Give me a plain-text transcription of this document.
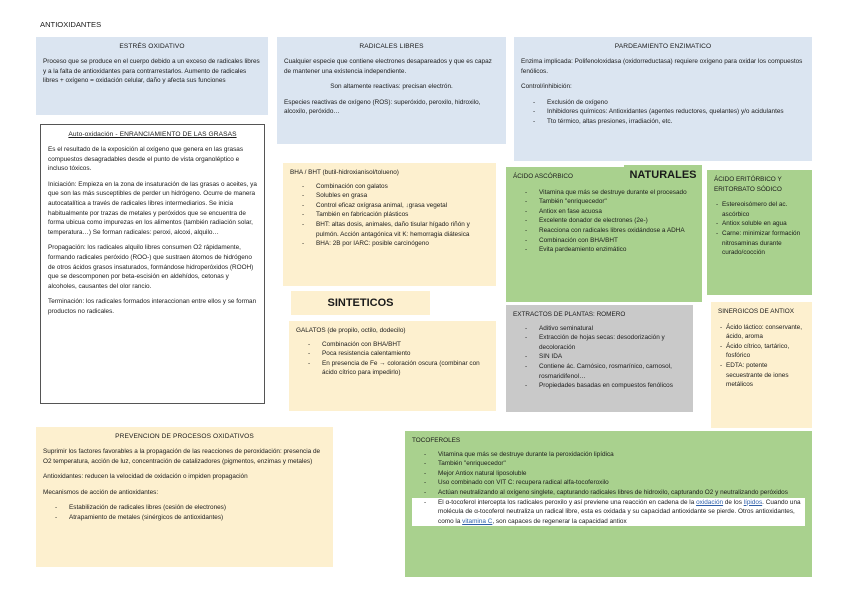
ANTIOXIDANTES
ESTRÉS OXIDATIVO

Proceso que se produce en el cuerpo debido a un exceso de radicales libres y a la falta de antioxidantes para contrarrestarlos. Aumento de radicales libres + oxígeno = oxidación celular, daño y afecta sus funciones

RADICALES LIBRES

Cualquier especie que contiene electrones desapareados y que es capaz de mantener una existencia independiente.

Son altamente reactivas: precisan electrón.

Especies reactivas de oxígeno (ROS): superóxido, peroxilo, hidroxilo, alcoxilo, peróxido…

PARDEAMIENTO ENZIMATICO

Enzima implicada: Polifenoloxidasa (oxidorreductasa) requiere oxígeno para oxidar los compuestos fenólicos.

Control/inhibición:

- Exclusión de oxígeno
- Inhibidores químicos: Antioxidantes (agentes reductores, quelantes) y/o acidulantes
- Tto térmico, altas presiones, irradiación, etc.
Auto-oxidación - ENRANCIAMIENTO DE LAS GRASAS

Es el resultado de la exposición al oxígeno que genera en las grasas compuestos desagradables desde el punto de vista organoléptico e incluso tóxicos.

Iniciación: Empieza en la zona de insaturación de las grasas o aceites, ya que son las más susceptibles de perder un hidrógeno. Ocurre de manera autocatalítica a través de radicales libres intermediarios. Se inicia habitualmente por trazas de metales y peróxidos que se encuentra de forma ubicua como impurezas en los alimentos (también radiación solar, temperatura…) Se forman radicales: peroxi, alcoxi, alquilo…

Propagación: los radicales alquilo libres consumen O2 rápidamente, formando radicales peróxido (ROO-) que sustraen átomos de hidrógeno de otros ácidos grasos insaturados, formándose hidroperóxidos (ROOH) que se descomponen por beta-escisión en aldehídos, cetonas y alcoholes, causantes del olor rancio.

Terminación: los radicales formados interaccionan entre ellos y se forman productos no radicales.

BHA / BHT (butil-hidroxianisol/tolueno)

- Combinación con galatos
- Solubles en grasa
- Control eficaz oxígrasa animal, ↓grasa vegetal
- También en fabricación plásticos
- BHT: altas dosis, animales, daño tisular hígado riñón y pulmón. Acción antagónica vit K: hemorragia diátesica
- BHA: 2B por IARC: posible carcinógeno
SINTETICOS

GALATOS (de propilo, octilo, dodecilo)

- Combinación con BHA/BHT
- Poca resistencia calentamiento
- En presencia de Fe → coloración oscura (combinar con ácido cítrico para impedirlo)

ÁCIDO ASCÓRBICO

- Vitamina que más se destruye durante el procesado
- También "enriquecedor"
- Antiox en fase acuosa
- Excelente donador de electrones (2e-)
- Reacciona con radicales libres oxidándose a ADHA
- Combinación con BHA/BHT
- Evita pardeamiento enzimático
NATURALES	ÁCIDO ERITÓRBICO Y ERITORBATO SÓDICO

- Estereoisómero del ac. ascórbico
- Antiox soluble en agua
- Carne: minimizar formación nitrosaminas durante curado/cocción

EXTRACTOS DE PLANTAS: ROMERO

- Aditivo seminatural
- Extracción de hojas secas: desodorización y decoloración
- SIN IDA
- Contiene ác. Carnósico, rosmarínico, carnosol, rosmaridifenol…
- Propiedades basadas en compuestos fenólicos

SINERGICOS DE ANTIOX

- Ácido láctico: conservante, ácido, aroma
- Ácido cítrico, tartárico, fosfórico
- EDTA: potente secuestrante de iones metálicos
PREVENCION DE PROCESOS OXIDATIVOS

Suprimir los factores favorables a la propagación de las reacciones de peroxidación: presencia de O2 temperatura, acción de luz, concentración de catalizadores (pigmentos, enzimas y metales)

Antioxidantes: reducen la velocidad de oxidación o impiden propagación

Mecanismos de acción de antioxidantes:

- Estabilización de radicales libres (cesión de electrones)
- Atrapamiento de metales (sinérgicos de antioxidantes)

TOCOFEROLES

- Vitamina que más se destruye durante la peroxidación lipídica
- También "enriquecedor"
- Mejor Antiox natural liposoluble
- Uso combinado con VIT C: recupera radical alfa-tocoferoxilo
- Actúan neutralizando al oxígeno singlete, capturando radicales libres de hidroxilo, capturando O2 y neutralizando peróxidos
- El α-tocoferol intercepta los radicales peroxilo y así previene una reacción en cadena de la oxidación de los lípidos. Cuando una molécula de α-tocoferol neutraliza un radical libre, esta es oxidada y su capacidad antioxidante se pierde. Otros antioxidantes, como la vitamina C, son capaces de regenerar la capacidad antiox
